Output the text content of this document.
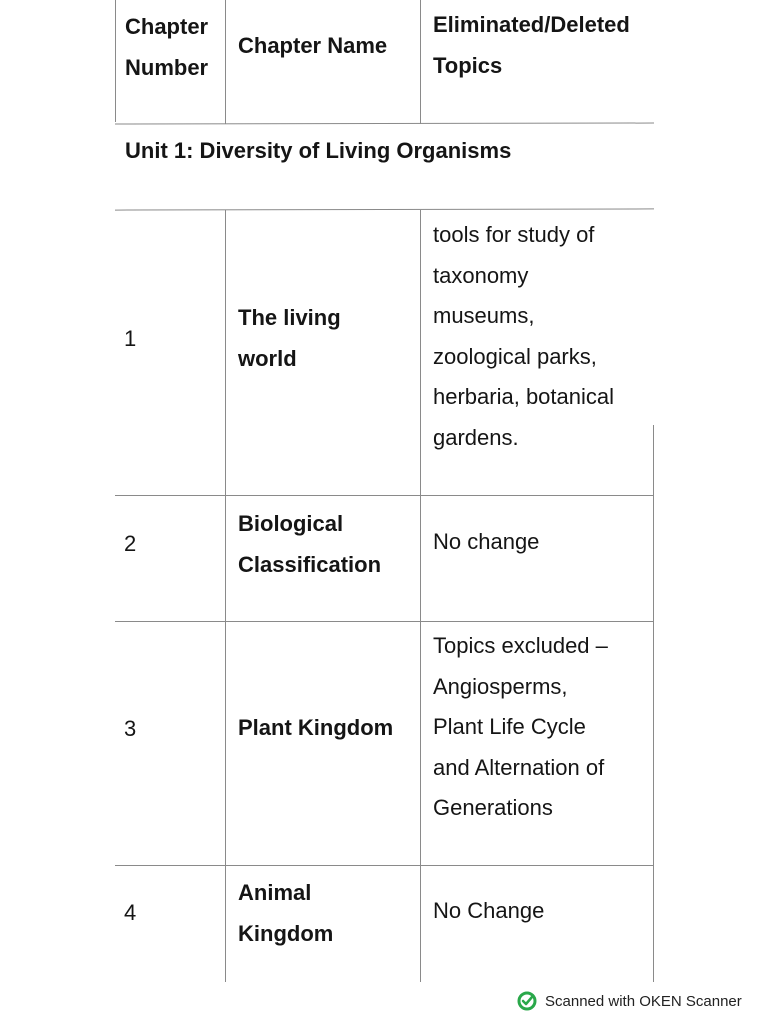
Chapter
Number
Chapter Name
Eliminated/Deleted
Topics
Unit 1: Diversity of Living Organisms
1
The living
world
tools for study of
taxonomy
museums,
zoological parks,
herbaria, botanical
gardens.
2
Biological
Classification
No change
3	Plant Kingdom
Topics excluded –
Angiosperms,
Plant Life Cycle
and Alternation of
Generations
4
Animal
Kingdom
No Change
Scanned with OKEN Scanner
